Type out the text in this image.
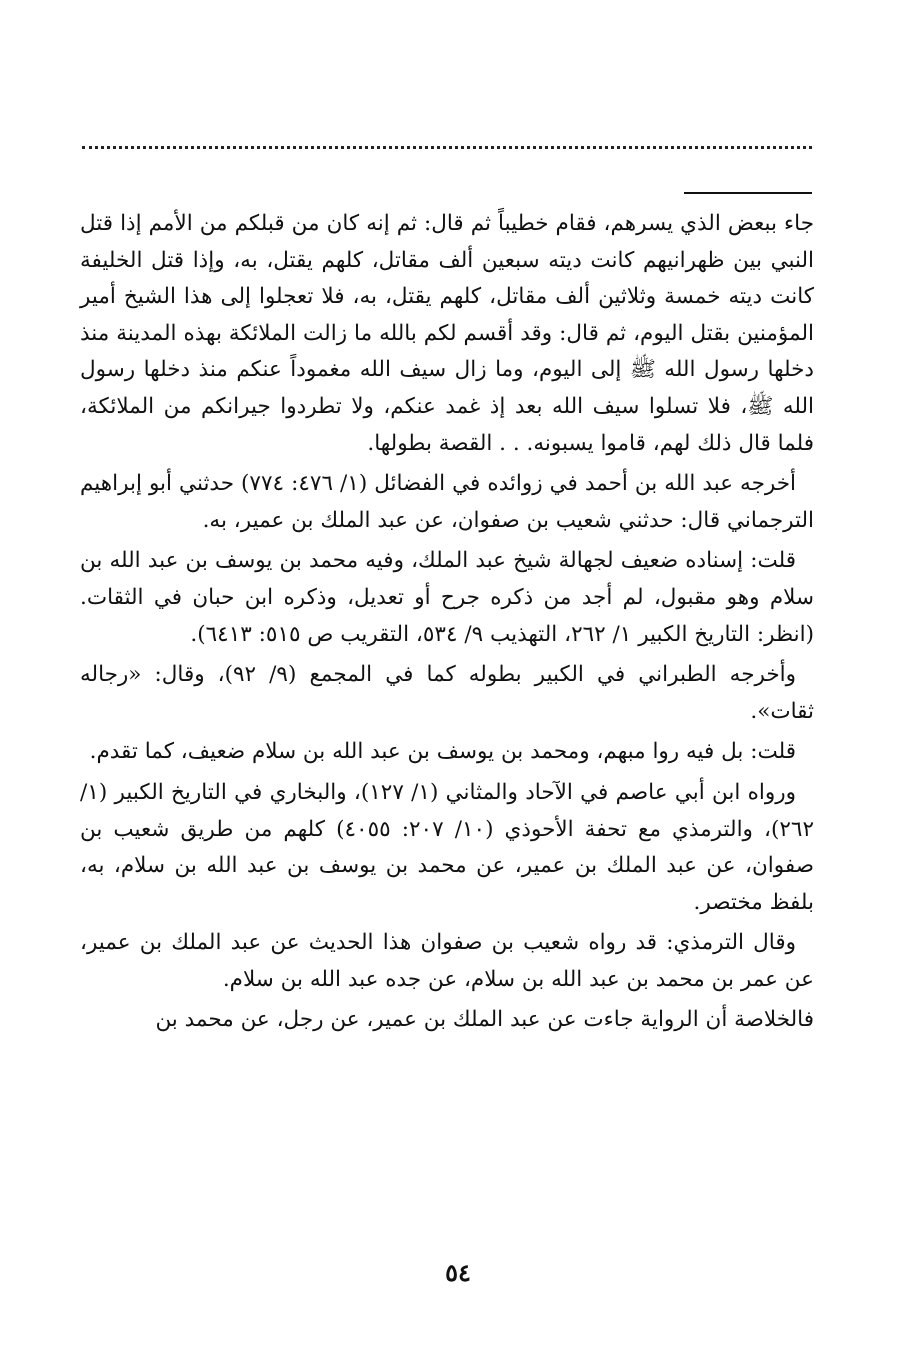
جاء ببعض الذي يسرهم، فقام خطيباً ثم قال: ثم إنه كان من قبلكم من الأمم إذا قتل النبي بين ظهرانيهم كانت ديته سبعين ألف مقاتل، كلهم يقتل، به، وإذا قتل الخليفة كانت ديته خمسة وثلاثين ألف مقاتل، كلهم يقتل، به، فلا تعجلوا إلى هذا الشيخ أمير المؤمنين بقتل اليوم، ثم قال: وقد أقسم لكم بالله ما زالت الملائكة بهذه المدينة منذ دخلها رسول الله ﷺ إلى اليوم، وما زال سيف الله مغموداً عنكم منذ دخلها رسول الله ﷺ، فلا تسلوا سيف الله بعد إذ غمد عنكم، ولا تطردوا جيرانكم من الملائكة، فلما قال ذلك لهم، قاموا يسبونه. . . القصة بطولها.

أخرجه عبد الله بن أحمد في زوائده في الفضائل (١/ ٤٧٦: ٧٧٤) حدثني أبو إبراهيم الترجماني قال: حدثني شعيب بن صفوان، عن عبد الملك بن عمير، به.

قلت: إسناده ضعيف لجهالة شيخ عبد الملك، وفيه محمد بن يوسف بن عبد الله بن سلام وهو مقبول، لم أجد من ذكره جرح أو تعديل، وذكره ابن حبان في الثقات. (انظر: التاريخ الكبير ١/ ٢٦٢، التهذيب ٩/ ٥٣٤، التقريب ص ٥١٥: ٦٤١٣).

وأخرجه الطبراني في الكبير بطوله كما في المجمع (٩/ ٩٢)، وقال: «رجاله ثقات».

قلت: بل فيه روا مبهم، ومحمد بن يوسف بن عبد الله بن سلام ضعيف، كما تقدم.

ورواه ابن أبي عاصم في الآحاد والمثاني (١/ ١٢٧)، والبخاري في التاريخ الكبير (١/ ٢٦٢)، والترمذي مع تحفة الأحوذي (١٠/ ٢٠٧: ٤٠٥٥) كلهم من طريق شعيب بن صفوان، عن عبد الملك بن عمير، عن محمد بن يوسف بن عبد الله بن سلام، به، بلفظ مختصر.

وقال الترمذي: قد رواه شعيب بن صفوان هذا الحديث عن عبد الملك بن عمير، عن عمر بن محمد بن عبد الله بن سلام، عن جده عبد الله بن سلام.

فالخلاصة أن الرواية جاءت عن عبد الملك بن عمير، عن رجل، عن محمد بن

٥٤
